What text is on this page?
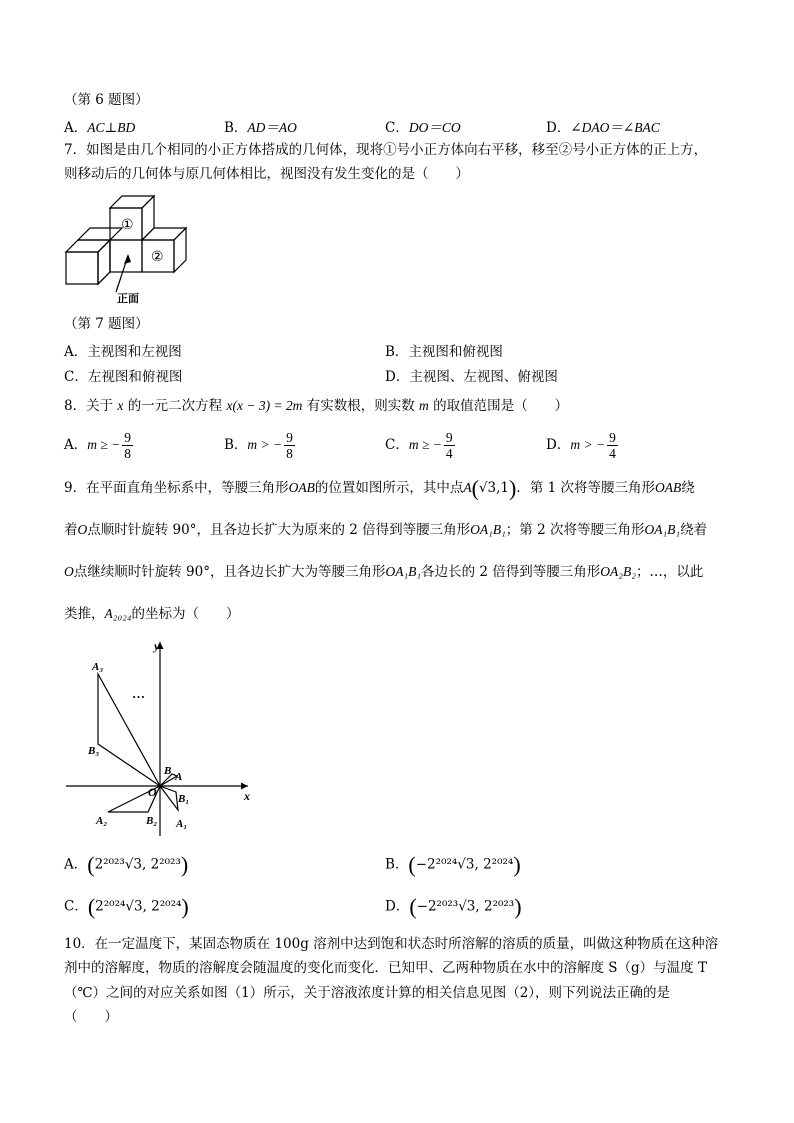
（第 6 题图）
A．AC⊥BD	B．AD＝AO	C．DO＝CO	D．∠DAO＝∠BAC
7．如图是由几个相同的小正方体搭成的几何体，现将①号小正方体向右平移，移至②号小正方体的正上方，
则移动后的几何体与原几何体相比，视图没有发生变化的是（　　）
①
②
正面
（第 7 题图）
A．主视图和左视图	B．主视图和俯视图
C．左视图和俯视图	D．主视图、左视图、俯视图
8．关于 x 的一元二次方程 x(x − 3) = 2m 有实数根，则实数 m 的取值范围是（　　）
A．m ≥ − $\frac{9}{8}$	B．m > − $\frac{9}{8}$	C．m ≥ − $\frac{9}{4}$	D．m > − $\frac{9}{4}$
9．在平面直角坐标系中，等腰三角形OAB的位置如图所示，其中点A(√3,1)．第 1 次将等腰三角形OAB绕
着O点顺时针旋转 90°，且各边长扩大为原来的 2 倍得到等腰三角形OA₁B₁；第 2 次将等腰三角形OA₁B₁绕着
O点继续顺时针旋转 90°，且各边长扩大为等腰三角形OA₁B₁各边长的 2 倍得到等腰三角形OA₂B₂；…，以此
类推，A₂₀₂₄的坐标为（　　）
y
x
O
…
A
B
A₁
B₁
A₂	B₂
A₃
B₃
A．(2²⁰²³√3, 2²⁰²³)	B．(−2²⁰²⁴√3, 2²⁰²⁴)
C．(2²⁰²⁴√3, 2²⁰²⁴)	D．(−2²⁰²³√3, 2²⁰²³)
10．在一定温度下，某固态物质在 100g 溶剂中达到饱和状态时所溶解的溶质的质量，叫做这种物质在这种溶
剂中的溶解度，物质的溶解度会随温度的变化而变化．已知甲、乙两种物质在水中的溶解度 S（g）与温度 T
（℃）之间的对应关系如图（1）所示，关于溶液浓度计算的相关信息见图（2），则下列说法正确的是
（　　）
